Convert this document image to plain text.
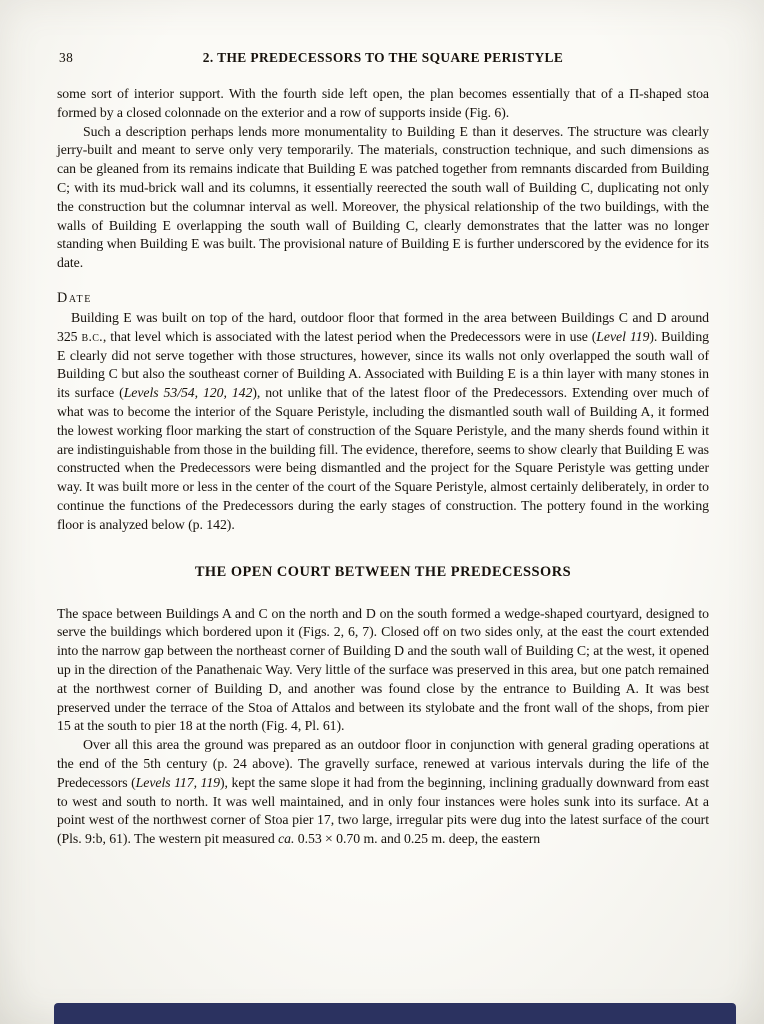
38	2. THE PREDECESSORS TO THE SQUARE PERISTYLE

some sort of interior support. With the fourth side left open, the plan becomes essentially that of a Π-shaped stoa formed by a closed colonnade on the exterior and a row of supports inside (Fig. 6).

Such a description perhaps lends more monumentality to Building E than it deserves. The structure was clearly jerry-built and meant to serve only very temporarily. The materials, construction technique, and such dimensions as can be gleaned from its remains indicate that Building E was patched together from remnants discarded from Building C; with its mud-brick wall and its columns, it essentially reerected the south wall of Building C, duplicating not only the construction but the columnar interval as well. Moreover, the physical relationship of the two buildings, with the walls of Building E overlapping the south wall of Building C, clearly demonstrates that the latter was no longer standing when Building E was built. The provisional nature of Building E is further underscored by the evidence for its date.

Date

Building E was built on top of the hard, outdoor floor that formed in the area between Buildings C and D around 325 b.c., that level which is associated with the latest period when the Predecessors were in use (Level 119). Building E clearly did not serve together with those structures, however, since its walls not only overlapped the south wall of Building C but also the southeast corner of Building A. Associated with Building E is a thin layer with many stones in its surface (Levels 53/54, 120, 142), not unlike that of the latest floor of the Predecessors. Extending over much of what was to become the interior of the Square Peristyle, including the dismantled south wall of Building A, it formed the lowest working floor marking the start of construction of the Square Peristyle, and the many sherds found within it are indistinguishable from those in the building fill. The evidence, therefore, seems to show clearly that Building E was constructed when the Predecessors were being dismantled and the project for the Square Peristyle was getting under way. It was built more or less in the center of the court of the Square Peristyle, almost certainly deliberately, in order to continue the functions of the Predecessors during the early stages of construction. The pottery found in the working floor is analyzed below (p. 142).

THE OPEN COURT BETWEEN THE PREDECESSORS

The space between Buildings A and C on the north and D on the south formed a wedge-shaped courtyard, designed to serve the buildings which bordered upon it (Figs. 2, 6, 7). Closed off on two sides only, at the east the court extended into the narrow gap between the northeast corner of Building D and the south wall of Building C; at the west, it opened up in the direction of the Panathenaic Way. Very little of the surface was preserved in this area, but one patch remained at the northwest corner of Building D, and another was found close by the entrance to Building A. It was best preserved under the terrace of the Stoa of Attalos and between its stylobate and the front wall of the shops, from pier 15 at the south to pier 18 at the north (Fig. 4, Pl. 61).

Over all this area the ground was prepared as an outdoor floor in conjunction with general grading operations at the end of the 5th century (p. 24 above). The gravelly surface, renewed at various intervals during the life of the Predecessors (Levels 117, 119), kept the same slope it had from the beginning, inclining gradually downward from east to west and south to north. It was well maintained, and in only four instances were holes sunk into its surface. At a point west of the northwest corner of Stoa pier 17, two large, irregular pits were dug into the latest surface of the court (Pls. 9:b, 61). The western pit measured ca. 0.53 × 0.70 m. and 0.25 m. deep, the eastern
